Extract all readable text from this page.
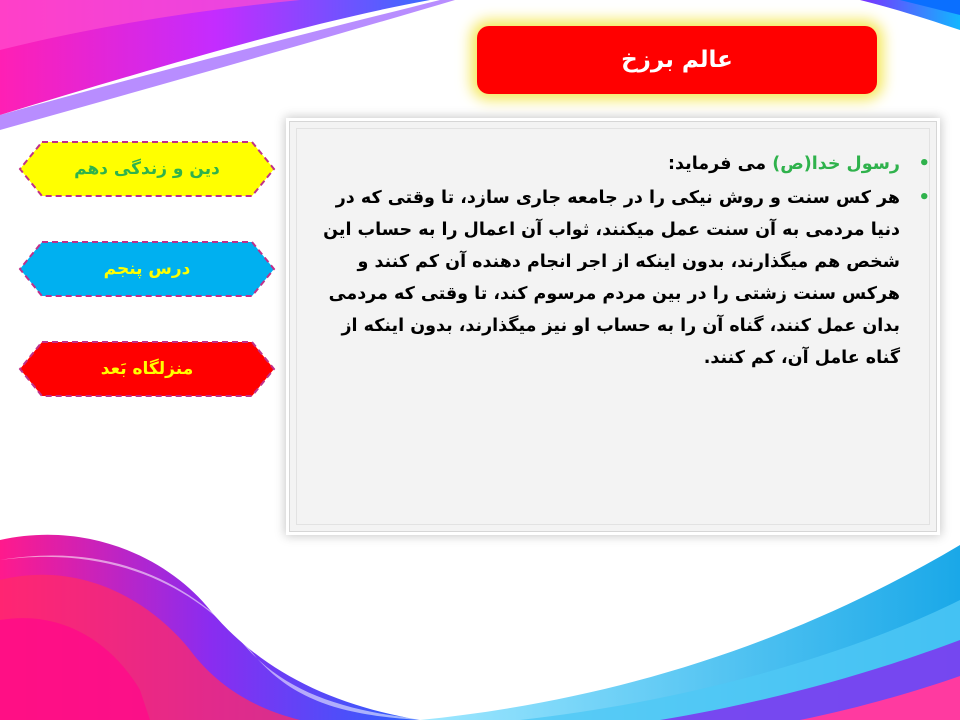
عالم برزخ
•
رسول خدا(ص) می فرماید:
•
هر کس سنت و روش نیکی را در جامعه جاری سازد، تا وقتی که در دنیا مردمی به آن سنت عمل میکنند، ثواب آن اعمال را به حساب این شخص هم میگذارند، بدون اینکه از اجر انجام دهنده آن کم کنند و هرکس سنت زشتی را در بین مردم مرسوم کند، تا وقتی که مردمی بدان عمل کنند، گناه آن را به حساب او نیز میگذارند، بدون اینکه از گناه عامل آن، کم کنند.
دین و زندگی دهم
درس پنجم
منزلگاه بَعد
